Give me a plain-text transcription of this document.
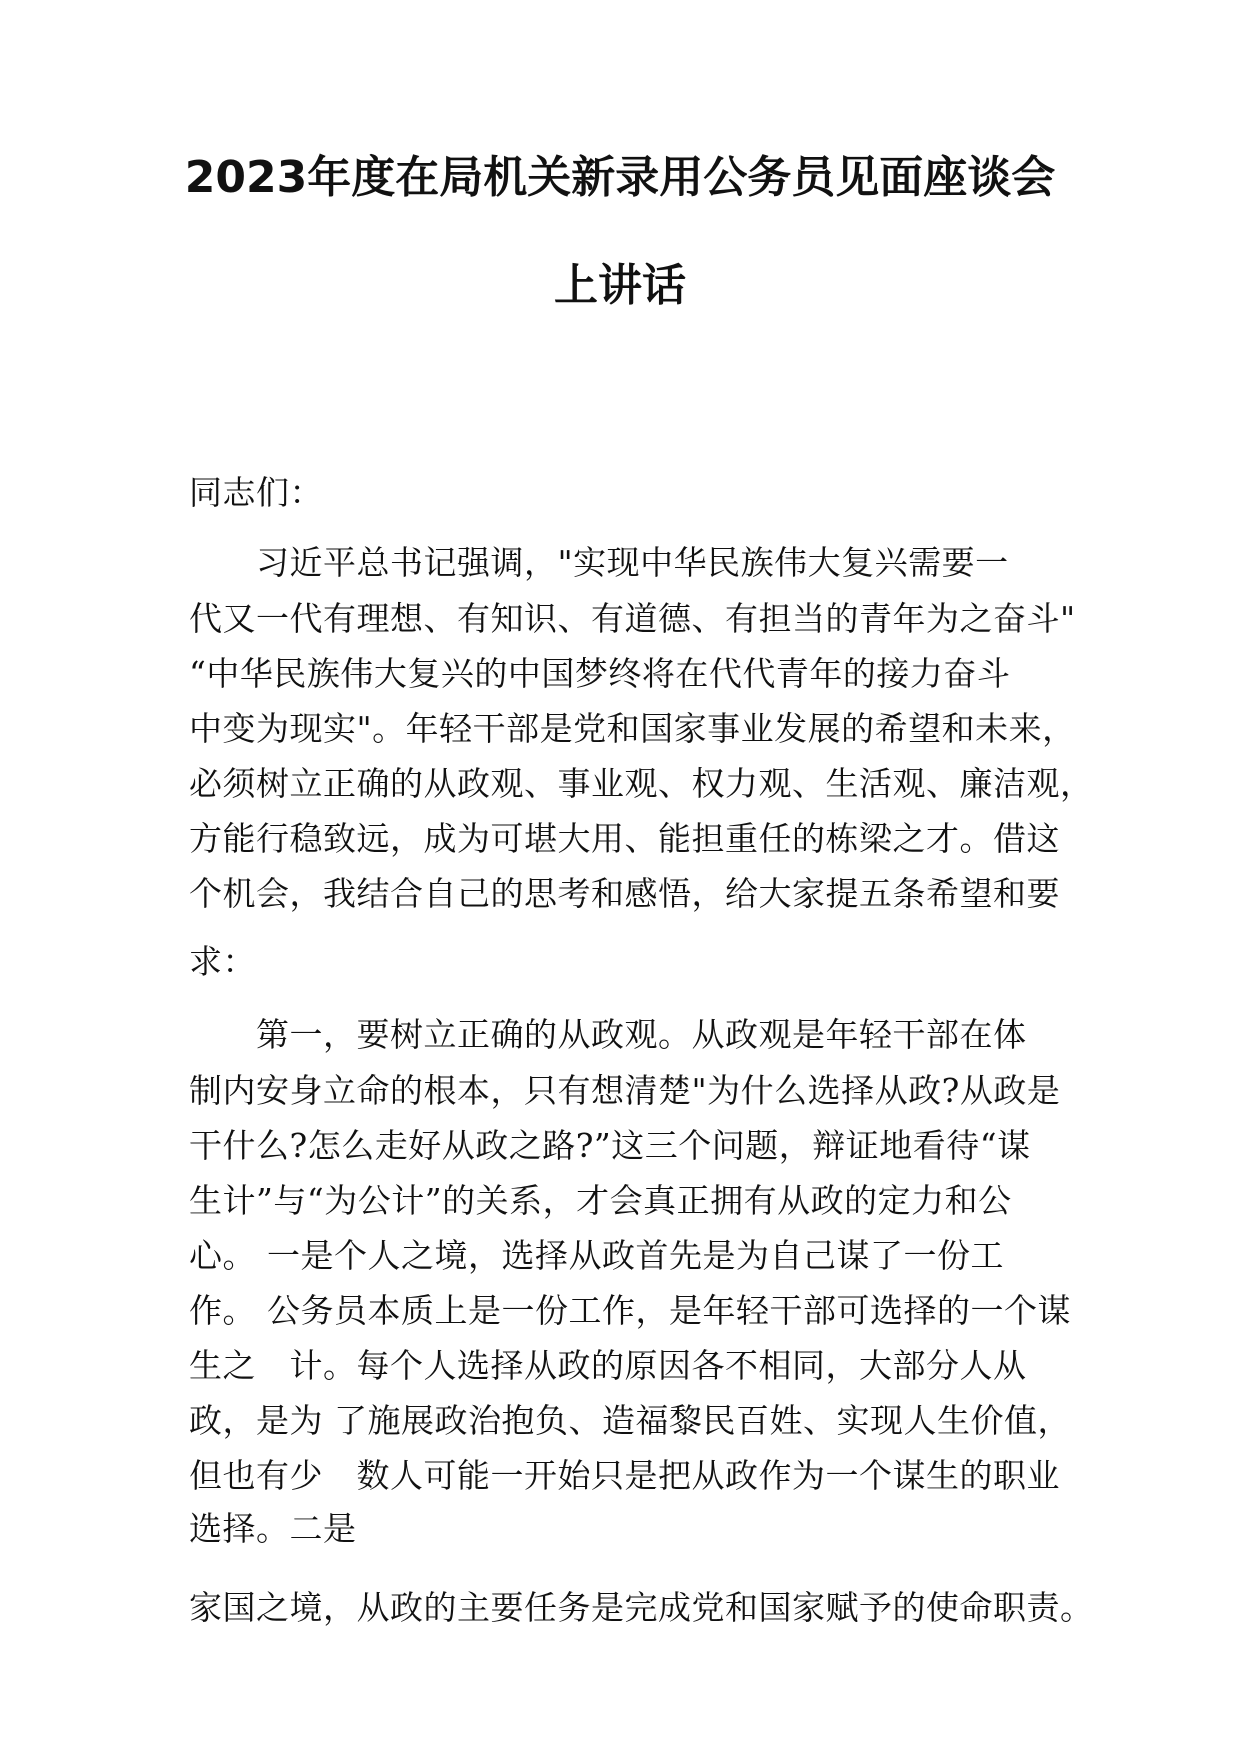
2023年度在局机关新录用公务员见面座谈会
上讲话
同志们：
　　习近平总书记强调，"实现中华民族伟大复兴需要一
代又一代有理想、有知识、有道德、有担当的青年为之奋斗"
“中华民族伟大复兴的中国梦终将在代代青年的接力奋斗
中变为现实"。年轻干部是党和国家事业发展的希望和未来，
必须树立正确的从政观、事业观、权力观、生活观、廉洁观，
方能行稳致远，成为可堪大用、能担重任的栋梁之才。借这
个机会，我结合自己的思考和感悟，给大家提五条希望和要
求：
　　第一，要树立正确的从政观。从政观是年轻干部在体
制内安身立命的根本，只有想清楚"为什么选择从政?从政是
干什么?怎么走好从政之路?”这三个问题，辩证地看待“谋
生计”与“为公计”的关系，才会真正拥有从政的定力和公
心。 一是个人之境，选择从政首先是为自己谋了一份工
作。 公务员本质上是一份工作，是年轻干部可选择的一个谋
生之　计。每个人选择从政的原因各不相同，大部分人从
政，是为 了施展政治抱负、造福黎民百姓、实现人生价值，
但也有少　数人可能一开始只是把从政作为一个谋生的职业
选择。二是
家国之境，从政的主要任务是完成党和国家赋予的使命职责。
